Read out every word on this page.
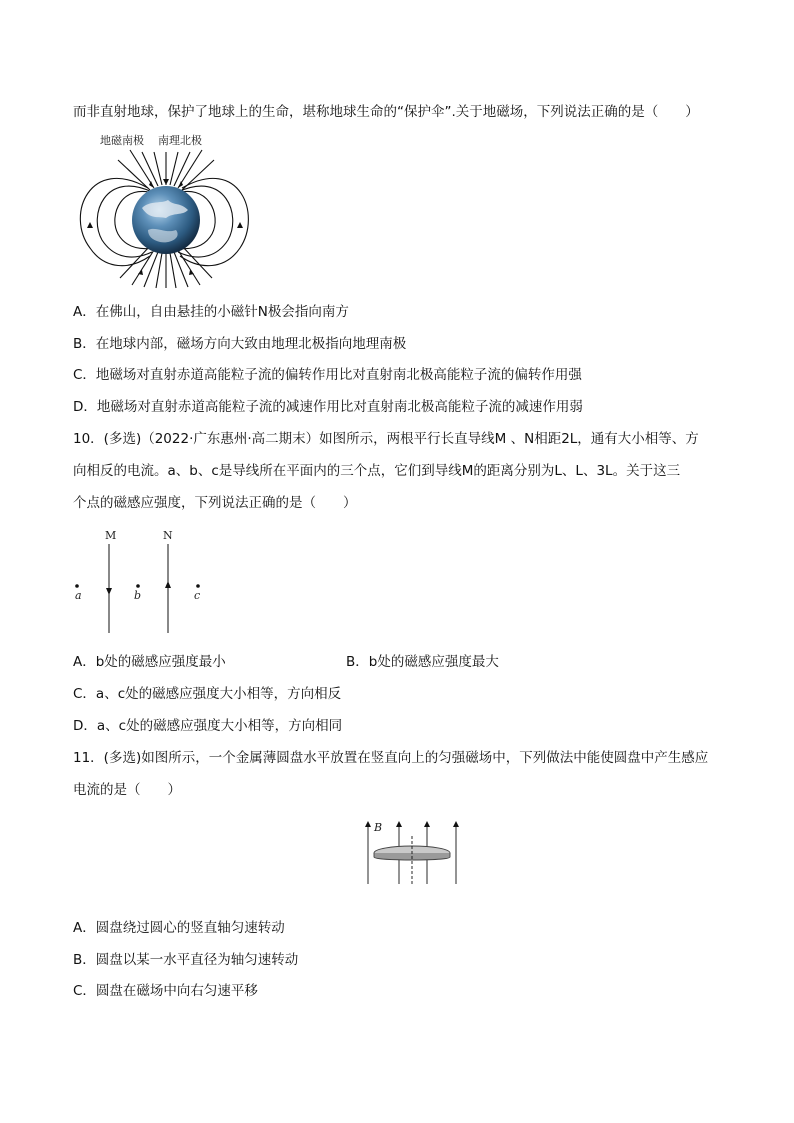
而非直射地球，保护了地球上的生命，堪称地球生命的“保护伞”.关于地磁场，下列说法正确的是（　　）
地磁南极 南理北极
A．在佛山，自由悬挂的小磁针N极会指向南方
B．在地球内部，磁场方向大致由地理北极指向地理南极
C．地磁场对直射赤道高能粒子流的偏转作用比对直射南北极高能粒子流的偏转作用强
D．地磁场对直射赤道高能粒子流的减速作用比对直射南北极高能粒子流的减速作用弱
10．(多选)（2022·广东惠州·高二期末）如图所示，两根平行长直导线M 、N相距2L，通有大小相等、方
向相反的电流。a、b、c是导线所在平面内的三个点，它们到导线M的距离分别为L、L、3L。关于这三
个点的磁感应强度，下列说法正确的是（　　）
M	N
a	b	c
A．b处的磁感应强度最小	B．b处的磁感应强度最大
C．a、c处的磁感应强度大小相等，方向相反
D．a、c处的磁感应强度大小相等，方向相同
11．(多选)如图所示，一个金属薄圆盘水平放置在竖直向上的匀强磁场中，下列做法中能使圆盘中产生感应
电流的是（　　）
B
A．圆盘绕过圆心的竖直轴匀速转动
B．圆盘以某一水平直径为轴匀速转动
C．圆盘在磁场中向右匀速平移
